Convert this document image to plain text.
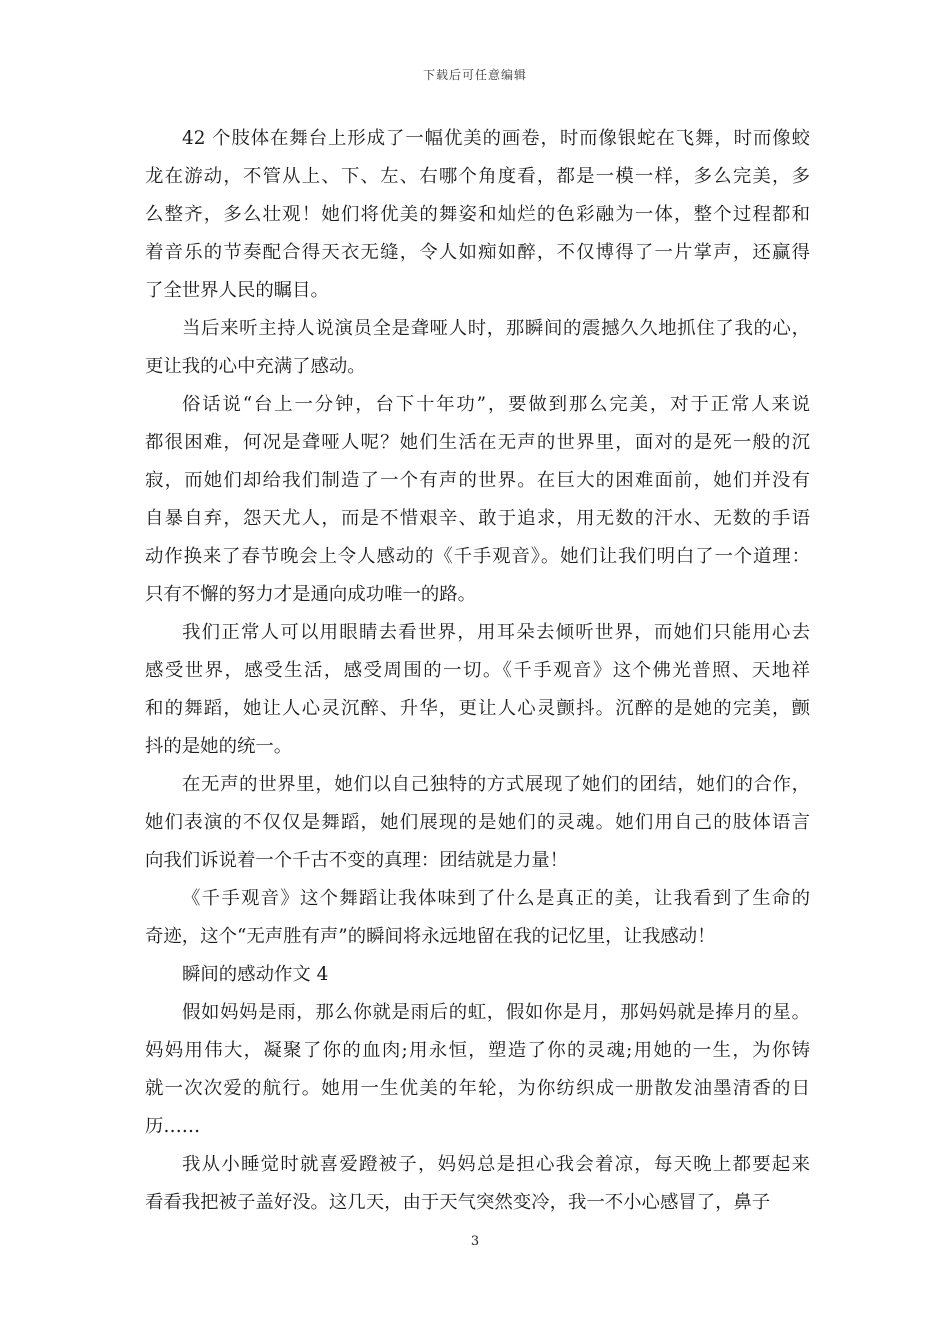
下载后可任意编辑
42 个肢体在舞台上形成了一幅优美的画卷，时而像银蛇在飞舞，时而像蛟
龙在游动，不管从上、下、左、右哪个角度看，都是一模一样，多么完美，多
么整齐，多么壮观！她们将优美的舞姿和灿烂的色彩融为一体，整个过程都和
着音乐的节奏配合得天衣无缝，令人如痴如醉，不仅博得了一片掌声，还赢得
了全世界人民的瞩目。
当后来听主持人说演员全是聋哑人时，那瞬间的震撼久久地抓住了我的心，
更让我的心中充满了感动。
俗话说“台上一分钟，台下十年功”，要做到那么完美，对于正常人来说
都很困难，何况是聋哑人呢？她们生活在无声的世界里，面对的是死一般的沉
寂，而她们却给我们制造了一个有声的世界。在巨大的困难面前，她们并没有
自暴自弃，怨天尤人，而是不惜艰辛、敢于追求，用无数的汗水、无数的手语
动作换来了春节晚会上令人感动的《千手观音》。她们让我们明白了一个道理：
只有不懈的努力才是通向成功唯一的路。
我们正常人可以用眼睛去看世界，用耳朵去倾听世界，而她们只能用心去
感受世界，感受生活，感受周围的一切。《千手观音》这个佛光普照、天地祥
和的舞蹈，她让人心灵沉醉、升华，更让人心灵颤抖。沉醉的是她的完美，颤
抖的是她的统一。
在无声的世界里，她们以自己独特的方式展现了她们的团结，她们的合作，
她们表演的不仅仅是舞蹈，她们展现的是她们的灵魂。她们用自己的肢体语言
向我们诉说着一个千古不变的真理：团结就是力量！
《千手观音》这个舞蹈让我体味到了什么是真正的美，让我看到了生命的
奇迹，这个“无声胜有声”的瞬间将永远地留在我的记忆里，让我感动！
瞬间的感动作文 4
假如妈妈是雨，那么你就是雨后的虹，假如你是月，那妈妈就是捧月的星。
妈妈用伟大，凝聚了你的血肉;用永恒，塑造了你的灵魂;用她的一生，为你铸
就一次次爱的航行。她用一生优美的年轮，为你纺织成一册散发油墨清香的日
历……
我从小睡觉时就喜爱蹬被子，妈妈总是担心我会着凉，每天晚上都要起来
看看我把被子盖好没。这几天，由于天气突然变冷，我一不小心感冒了，鼻子
3
